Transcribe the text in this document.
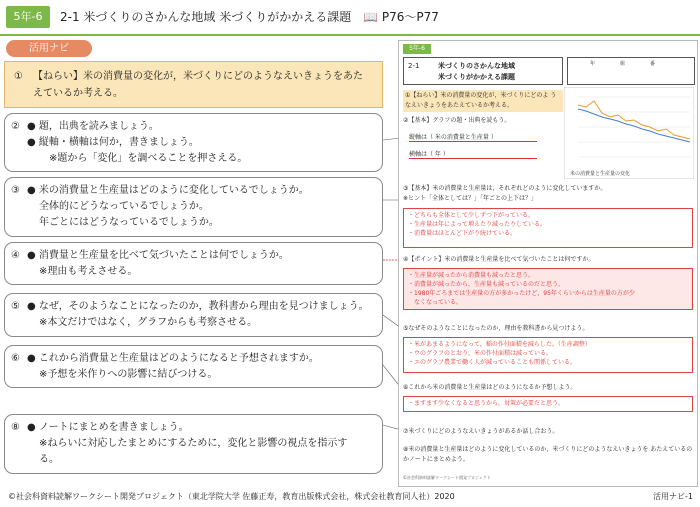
5年-6	2-1 米づくりのさかんな地域 米づくりがかかえる課題 📖 P76〜P77
活用ナビ
① 【ねらい】米の消費量の変化が，米づくりにどのようなえいきょうをあた
えているか考える。
② ● 題，出典を読みましょう。
● 縦軸・横軸は何か，書きましょう。
※題から「変化」を調べることを押さえる。
③ ● 米の消費量と生産量はどのように変化しているでしょうか。
全体的にどうなっているでしょうか。
年ごとにはどうなっているでしょうか。
④ ● 消費量と生産量を比べて気づいたことは何でしょうか。
※理由も考えさせる。
⑤ ● なぜ，そのようなことになったのか，教科書から理由を見つけましょう。
※本文だけではなく，グラフからも考察させる。
⑥ ● これから消費量と生産量はどのようになると予想されますか。
※予想を米作りへの影響に結びつける。
⑧ ● ノートにまとめを書きましょう。
※ねらいに対応したまとめにするために，変化と影響の視点を指示す
る。
5年-6
2-1	米づくりのさかんな地域
米づくりがかかえる課題
年	組	番
①【ねらい】米の消費量の変化が，米づくりにどのよ うなえいきょうをあたえているか考える。
②【基本】グラフの題・出典を読もう。
縦軸は（ 米の消費量と生産量 ）
横軸は（ 年 ）
米の消費量と生産量の変化
③【基本】米の消費量と生産量は，それぞれどのように変化していますか。
※ヒント「全体としては？」「年ごとの上下は？」
・どちらも全体として少しずつ下がっている。
・生産量は年によって増えたり減ったりしている。
・消費量はほとんど下がり続けている。
④【ポイント】米の消費量と生産量を比べて気づいたことは何ですか。
・生産量が減ったから消費量も減ったと思う。
・消費量が減ったから，生産量も減っているのだと思う。
・1980年ごろまでは生産量の方が多かったけど，95年くらいからは生産量の方が少
　なくなっている。
⑤なぜそのようなことになったのか，理由を教科書から見つけよう。
・米があまるようになって，稲の作付面積を減らした。（生産調整）
・ウのグラフのとおり，米の作付面積は減っている。
・エのグラフ農業で働く人が減っていることも関係している。
⑥これから米の消費量と生産量はどのようになるか予想しよう。
・ますます少なくなると思うから，対策が必要だと思う。
⑦米づくりにどのようなえいきょうがあるか話し合おう。
⑧米の消費量と生産量はどのように変化しているのか，米づくりにどのようなえいきょうを あたえているのかノートにまとめよう。
©社会科資料読解ワークシート開発プロジェクト
©社会科資料読解ワークシート開発プロジェクト（東北学院大学 佐藤正寿，教育出版株式会社，株式会社教育同人社）2020	活用ナビ-1
